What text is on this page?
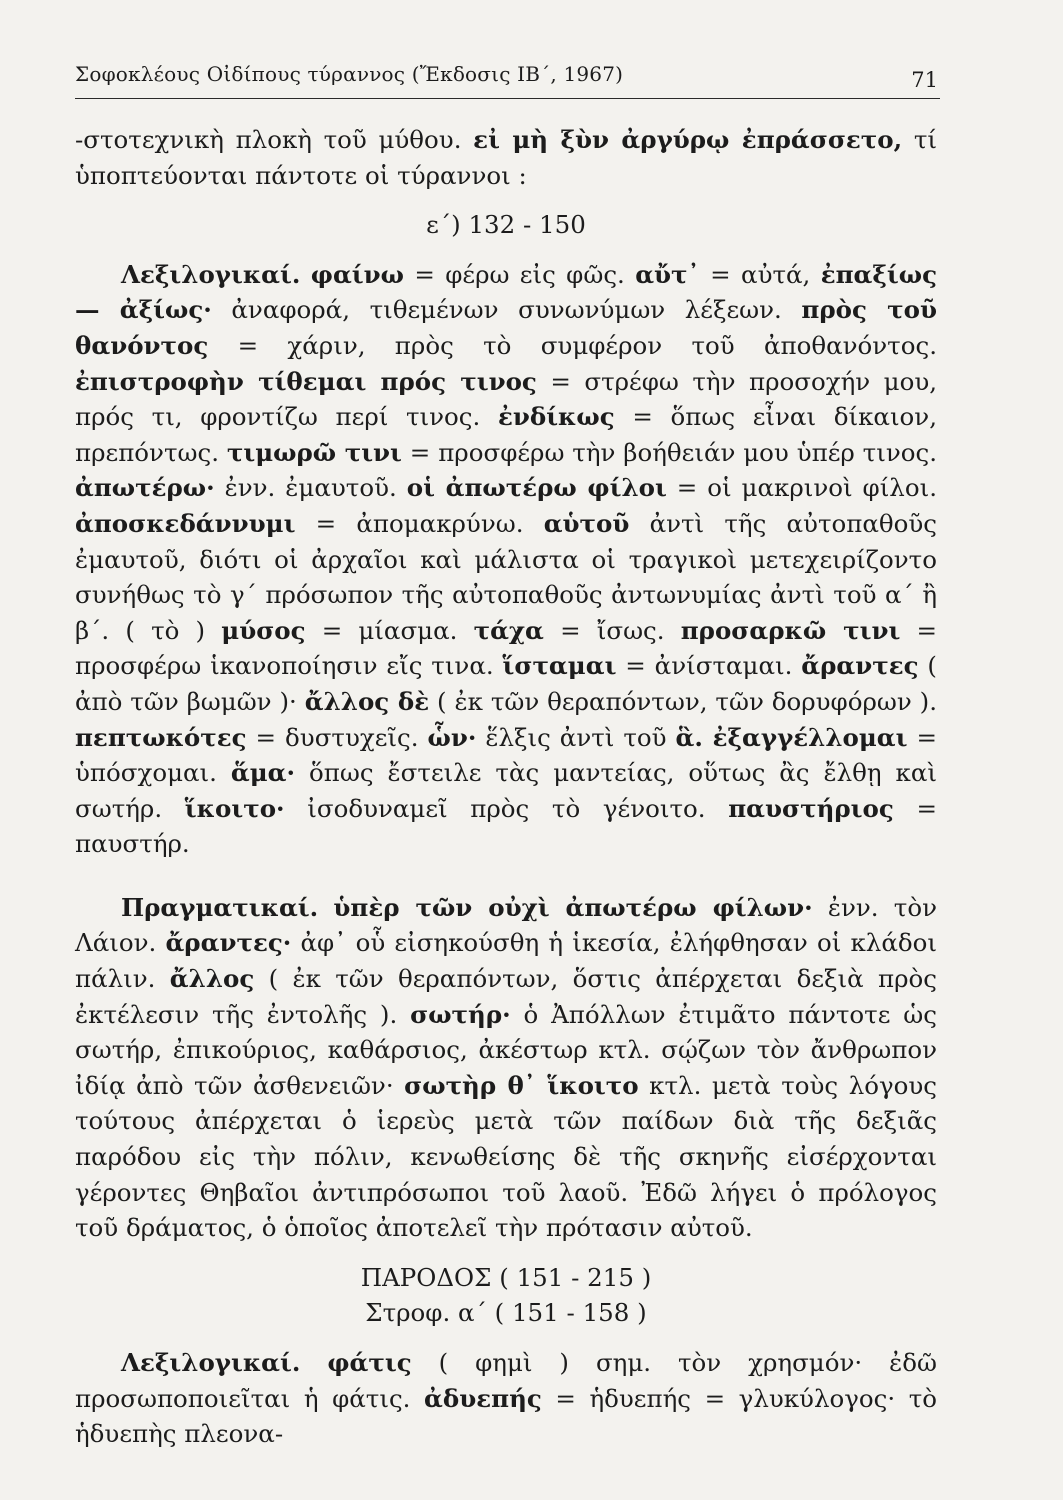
Σοφοκλέους Οἰδίπους τύραννος (Ἔκδοσις ΙΒ΄, 1967)	71

-στοτεχνικὴ πλοκὴ τοῦ μύθου. εἰ μὴ ξὺν ἀργύρῳ ἐπράσσετο, τί ὑποπτεύονται πάντοτε οἱ τύραννοι :

ε΄) 132 - 150

Λεξιλογικαί. φαίνω = φέρω εἰς φῶς. αὔτ᾽ = αὐτά, ἐπαξίως — ἀξίως· ἀναφορά, τιθεμένων συνωνύμων λέξεων. πρὸς τοῦ θανόντος = χάριν, πρὸς τὸ συμφέρον τοῦ ἀποθανόντος. ἐπιστροφὴν τίθεμαι πρός τινος = στρέφω τὴν προσοχήν μου, πρός τι, φροντίζω περί τινος. ἐνδίκως = ὅπως εἶναι δίκαιον, πρεπόντως. τιμωρῶ τινι = προσφέρω τὴν βοήθειάν μου ὑπέρ τινος. ἀπωτέρω· ἐνν. ἐμαυτοῦ. οἱ ἀπωτέρω φίλοι = οἱ μακρινοὶ φίλοι. ἀποσκεδάννυμι = ἀπομακρύνω. αὑτοῦ ἀντὶ τῆς αὐτοπαθοῦς ἐμαυτοῦ, διότι οἱ ἀρχαῖοι καὶ μάλιστα οἱ τραγικοὶ μετεχειρίζοντο συνήθως τὸ γ΄ πρόσωπον τῆς αὐτοπαθοῦς ἀντωνυμίας ἀντὶ τοῦ α΄ ἢ β΄. ( τὸ ) μύσος = μίασμα. τάχα = ἴσως. προσαρκῶ τινι = προσφέρω ἱκανοποίησιν εἴς τινα. ἵσταμαι = ἀνίσταμαι. ἄραντες ( ἀπὸ τῶν βωμῶν )· ἄλλος δὲ ( ἐκ τῶν θεραπόντων, τῶν δορυφόρων ). πεπτωκότες = δυστυχεῖς. ὧν· ἕλξις ἀντὶ τοῦ ἃ. ἐξαγγέλλομαι = ὑπόσχομαι. ἅμα· ὅπως ἔστειλε τὰς μαντείας, οὕτως ἂς ἔλθῃ καὶ σωτήρ. ἵκοιτο· ἰσοδυναμεῖ πρὸς τὸ γένοιτο. παυστήριος = παυστήρ.

Πραγματικαί. ὑπὲρ τῶν οὐχὶ ἀπωτέρω φίλων· ἐνν. τὸν Λάιον. ἄραντες· ἀφ᾽ οὗ εἰσηκούσθη ἡ ἱκεσία, ἐλήφθησαν οἱ κλάδοι πάλιν. ἄλλος ( ἐκ τῶν θεραπόντων, ὅστις ἀπέρχεται δεξιὰ πρὸς ἐκτέλεσιν τῆς ἐντολῆς ). σωτήρ· ὁ Ἀπόλλων ἐτιμᾶτο πάντοτε ὡς σωτήρ, ἐπικούριος, καθάρσιος, ἀκέστωρ κτλ. σῴζων τὸν ἄνθρωπον ἰδίᾳ ἀπὸ τῶν ἀσθενειῶν· σωτὴρ θ᾽ ἵκοιτο κτλ. μετὰ τοὺς λόγους τούτους ἀπέρχεται ὁ ἱερεὺς μετὰ τῶν παίδων διὰ τῆς δεξιᾶς παρόδου εἰς τὴν πόλιν, κενωθείσης δὲ τῆς σκηνῆς εἰσέρχονται γέροντες Θηβαῖοι ἀντιπρόσωποι τοῦ λαοῦ. Ἐδῶ λήγει ὁ πρόλογος τοῦ δράματος, ὁ ὁποῖος ἀποτελεῖ τὴν πρότασιν αὐτοῦ.

ΠΑΡΟΔΟΣ ( 151 - 215 )

Στροφ. α΄ ( 151 - 158 )

Λεξιλογικαί. φάτις ( φημὶ ) σημ. τὸν χρησμόν· ἐδῶ προσωποποιεῖται ἡ φάτις. ἀδυεπής = ἡδυεπής = γλυκύλογος· τὸ ἡδυεπὴς πλεονα-
